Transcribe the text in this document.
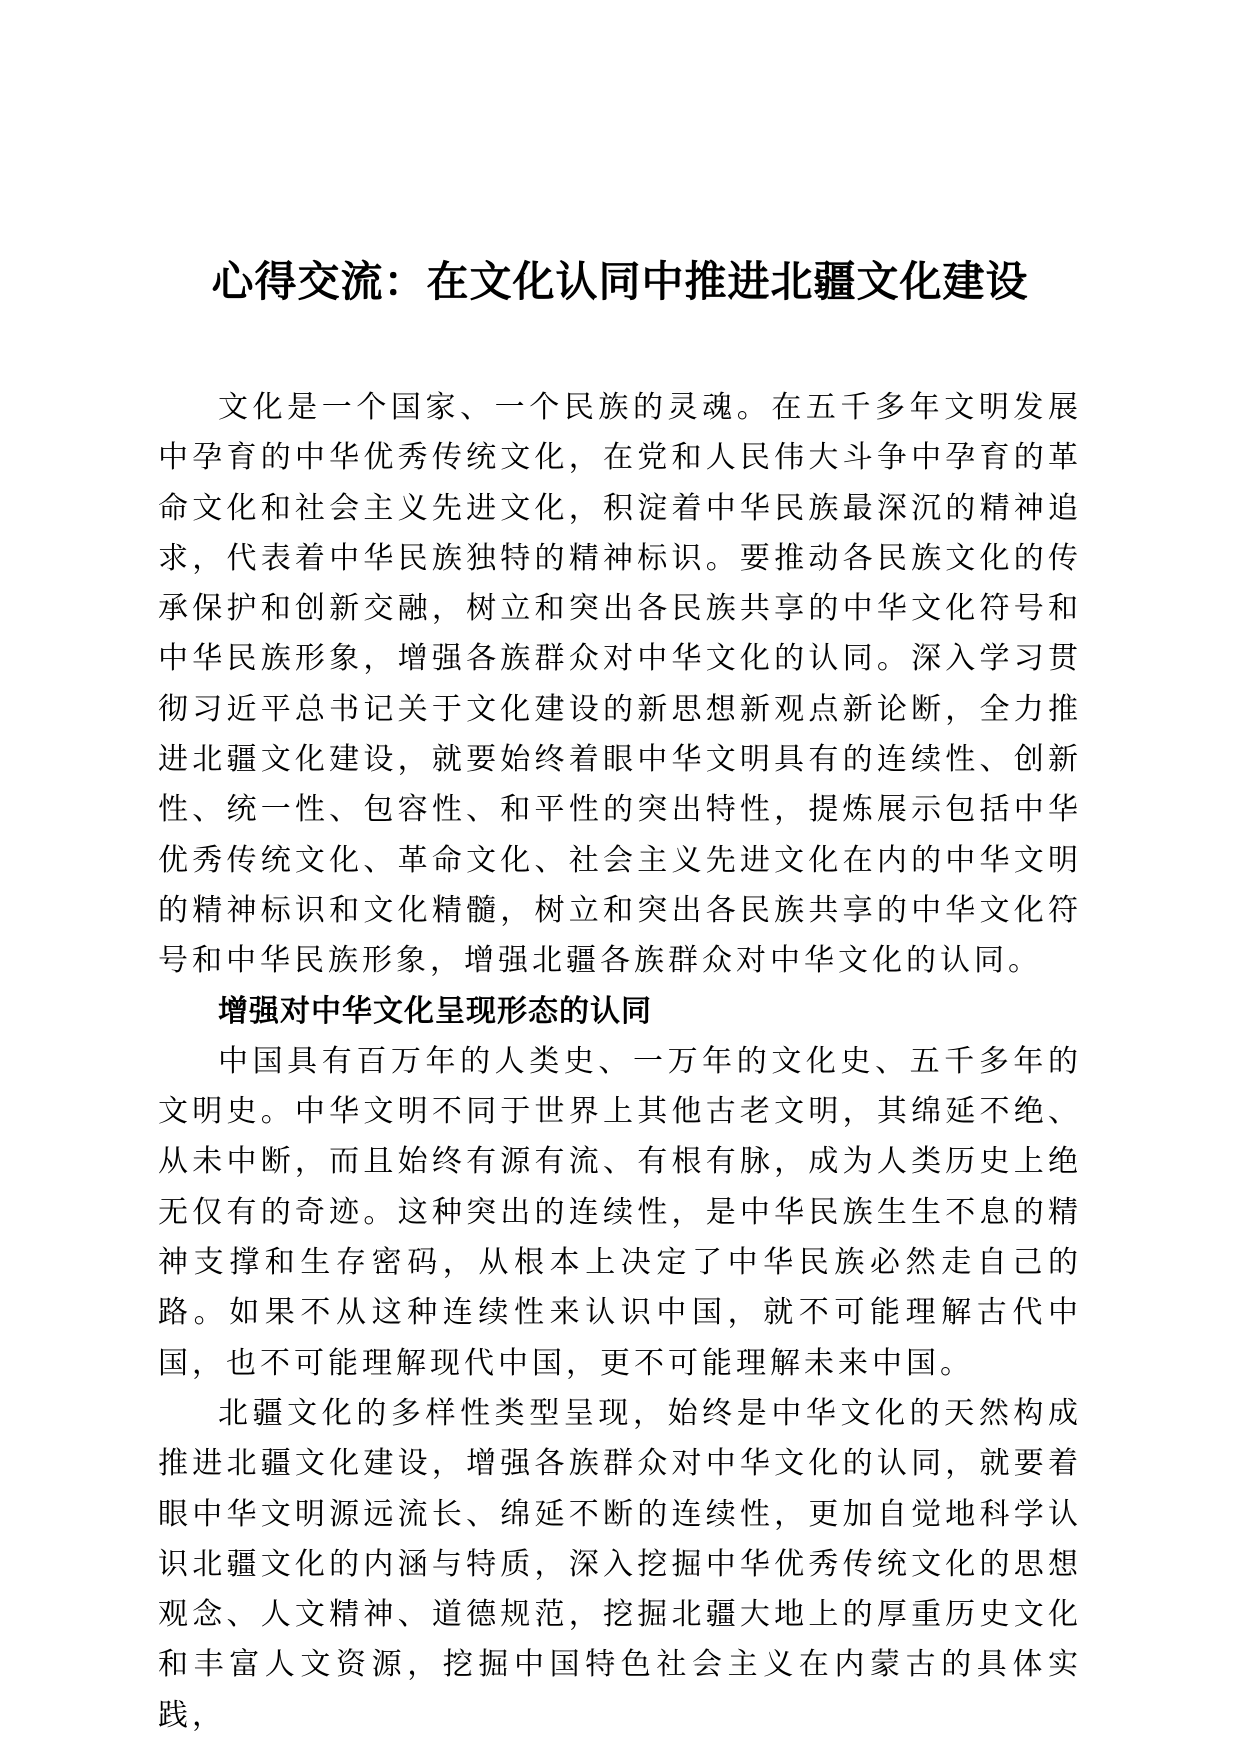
心得交流：在文化认同中推进北疆文化建设

文化是一个国家、一个民族的灵魂。在五千多年文明发展中孕育的中华优秀传统文化，在党和人民伟大斗争中孕育的革命文化和社会主义先进文化，积淀着中华民族最深沉的精神追求，代表着中华民族独特的精神标识。要推动各民族文化的传承保护和创新交融，树立和突出各民族共享的中华文化符号和中华民族形象，增强各族群众对中华文化的认同。深入学习贯彻习近平总书记关于文化建设的新思想新观点新论断，全力推进北疆文化建设，就要始终着眼中华文明具有的连续性、创新性、统一性、包容性、和平性的突出特性，提炼展示包括中华优秀传统文化、革命文化、社会主义先进文化在内的中华文明的精神标识和文化精髓，树立和突出各民族共享的中华文化符号和中华民族形象，增强北疆各族群众对中华文化的认同。

增强对中华文化呈现形态的认同

中国具有百万年的人类史、一万年的文化史、五千多年的文明史。中华文明不同于世界上其他古老文明，其绵延不绝、从未中断，而且始终有源有流、有根有脉，成为人类历史上绝无仅有的奇迹。这种突出的连续性，是中华民族生生不息的精神支撑和生存密码，从根本上决定了中华民族必然走自己的路。如果不从这种连续性来认识中国，就不可能理解古代中国，也不可能理解现代中国，更不可能理解未来中国。

北疆文化的多样性类型呈现，始终是中华文化的天然构成推进北疆文化建设，增强各族群众对中华文化的认同，就要着眼中华文明源远流长、绵延不断的连续性，更加自觉地科学认识北疆文化的内涵与特质，深入挖掘中华优秀传统文化的思想观念、人文精神、道德规范，挖掘北疆大地上的厚重历史文化和丰富人文资源，挖掘中国特色社会主义在内蒙古的具体实践，
